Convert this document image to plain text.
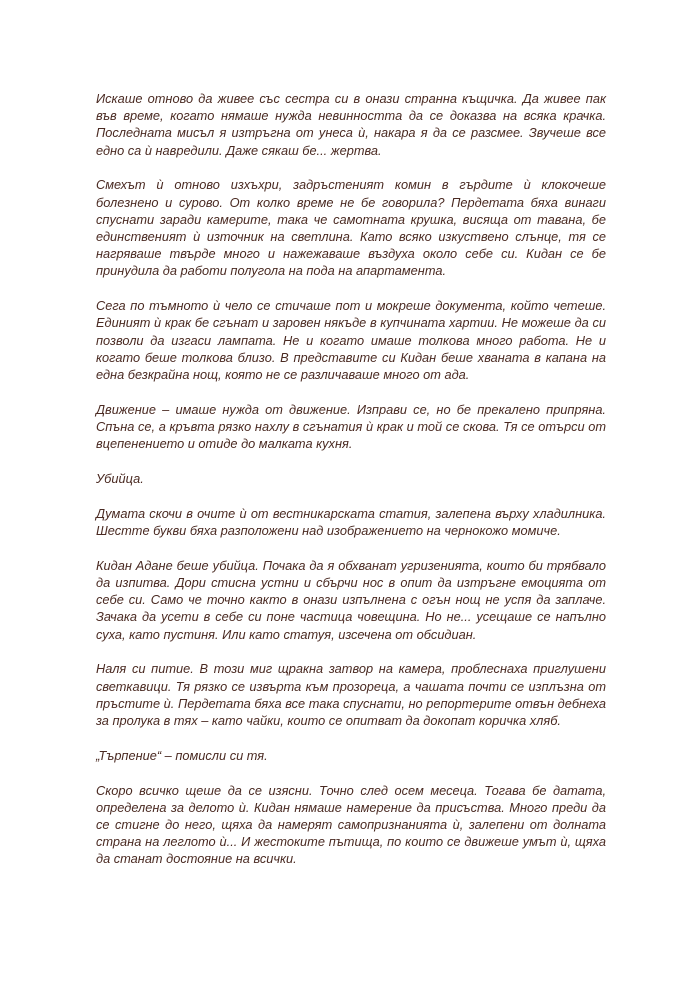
Искаше отново да живее със сестра си в онази странна къщичка. Да живее пак във време, когато нямаше нужда невинността да се доказва на всяка крачка. Последната мисъл я изтръгна от унеса ѝ, накара я да се разсмее. Звучеше все едно са ѝ навредили. Даже сякаш бе... жертва.

Смехът ѝ отново изхъхри, задръстеният комин в гърдите ѝ клокочеше болезнено и сурово. От колко време не бе говорила? Пердетата бяха винаги спуснати заради камерите, така че самотната крушка, висяща от тавана, бе единственият ѝ източник на светлина. Като всяко изкуствено слънце, тя се нагряваше твърде много и нажежаваше въздуха около себе си. Кидан се бе принудила да работи полугола на пода на апартамента.

Сега по тъмното ѝ чело се стичаше пот и мокреше документа, който четеше. Единият ѝ крак бе сгънат и заровен някъде в купчината хартии. Не можеше да си позволи да изгаси лампата. Не и когато имаше толкова много работа. Не и когато беше толкова близо. В представите си Кидан беше хваната в капана на една безкрайна нощ, която не се различаваше много от ада.

Движение – имаше нужда от движение. Изправи се, но бе прекалено припряна. Спъна се, а кръвта рязко нахлу в сгънатия ѝ крак и той се скова. Тя се отърси от вцепенението и отиде до малката кухня.

Убийца.

Думата скочи в очите ѝ от вестникарската статия, залепена върху хладилника. Шестте букви бяха разположени над изображението на чернокожо момиче.

Кидан Адане беше убийца. Почака да я обхванат угризенията, които би трябвало да изпитва. Дори стисна устни и сбърчи нос в опит да изтръгне емоцията от себе си. Само че точно както в онази изпълнена с огън нощ не успя да заплаче. Зачака да усети в себе си поне частица човещина. Но не... усещаше се напълно суха, като пустиня. Или като статуя, изсечена от обсидиан.

Наля си питие. В този миг щракна затвор на камера, проблеснаха приглушени светкавици. Тя рязко се извърта към прозореца, а чашата почти се изплъзна от пръстите ѝ. Пердетата бяха все така спуснати, но репортерите отвън дебнеха за пролука в тях – като чайки, които се опитват да докопат коричка хляб.

„Търпение“ – помисли си тя.

Скоро всичко щеше да се изясни. Точно след осем месеца. Тогава бе датата, определена за делото ѝ. Кидан нямаше намерение да присъства. Много преди да се стигне до него, щяха да намерят самопризнанията ѝ, залепени от долната страна на леглото ѝ... И жестоките пътища, по които се движеше умът ѝ, щяха да станат достояние на всички.
